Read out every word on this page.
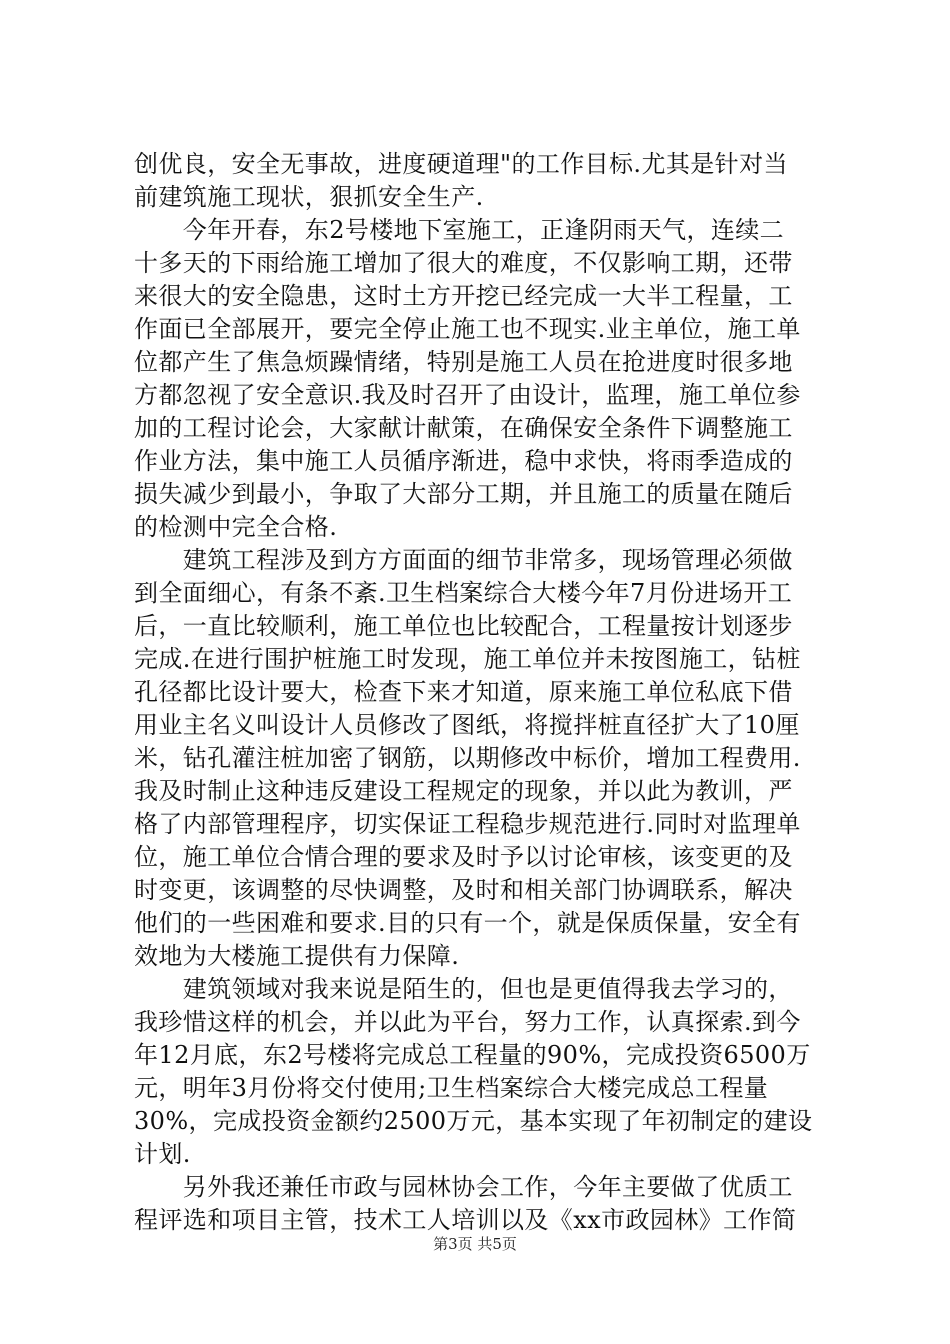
创优良，安全无事故，进度硬道理"的工作目标.尤其是针对当
前建筑施工现状，狠抓安全生产.
　　今年开春，东2号楼地下室施工，正逢阴雨天气，连续二
十多天的下雨给施工增加了很大的难度，不仅影响工期，还带
来很大的安全隐患，这时土方开挖已经完成一大半工程量，工
作面已全部展开，要完全停止施工也不现实.业主单位，施工单
位都产生了焦急烦躁情绪，特别是施工人员在抢进度时很多地
方都忽视了安全意识.我及时召开了由设计，监理，施工单位参
加的工程讨论会，大家献计献策，在确保安全条件下调整施工
作业方法，集中施工人员循序渐进，稳中求快，将雨季造成的
损失减少到最小，争取了大部分工期，并且施工的质量在随后
的检测中完全合格.
　　建筑工程涉及到方方面面的细节非常多，现场管理必须做
到全面细心，有条不紊.卫生档案综合大楼今年7月份进场开工
后，一直比较顺利，施工单位也比较配合，工程量按计划逐步
完成.在进行围护桩施工时发现，施工单位并未按图施工，钻桩
孔径都比设计要大，检查下来才知道，原来施工单位私底下借
用业主名义叫设计人员修改了图纸，将搅拌桩直径扩大了10厘
米，钻孔灌注桩加密了钢筋，以期修改中标价，增加工程费用.
我及时制止这种违反建设工程规定的现象，并以此为教训，严
格了内部管理程序，切实保证工程稳步规范进行.同时对监理单
位，施工单位合情合理的要求及时予以讨论审核，该变更的及
时变更，该调整的尽快调整，及时和相关部门协调联系，解决
他们的一些困难和要求.目的只有一个，就是保质保量，安全有
效地为大楼施工提供有力保障.
　　建筑领域对我来说是陌生的，但也是更值得我去学习的，
我珍惜这样的机会，并以此为平台，努力工作，认真探索.到今
年12月底，东2号楼将完成总工程量的90%，完成投资6500万
元，明年3月份将交付使用;卫生档案综合大楼完成总工程量
30%，完成投资金额约2500万元，基本实现了年初制定的建设
计划.
　　另外我还兼任市政与园林协会工作，今年主要做了优质工
程评选和项目主管，技术工人培训以及《xx市政园林》工作简
第3页 共5页
